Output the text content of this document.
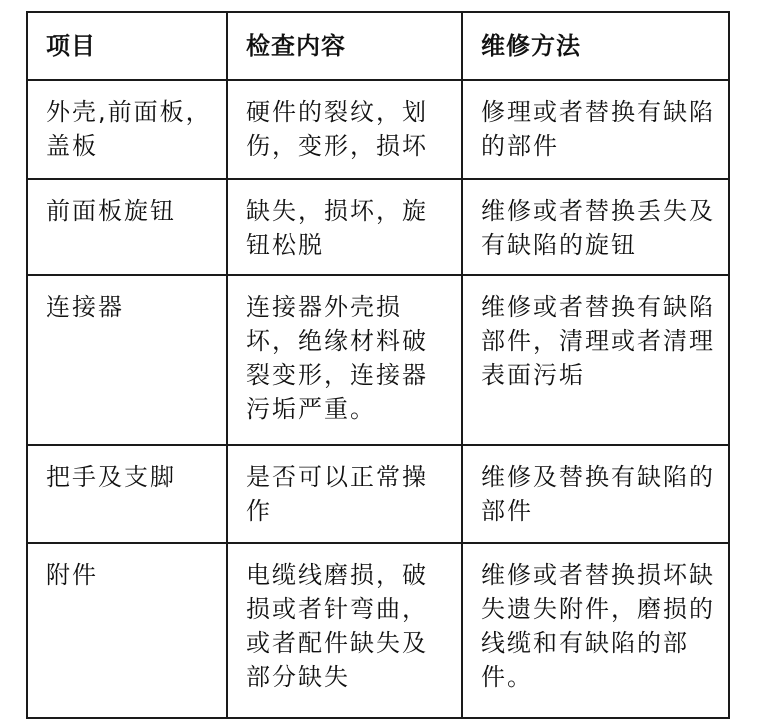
项目	检查内容	维修方法
外壳,前面板，盖板	硬件的裂纹，划伤，变形，损坏	修理或者替换有缺陷的部件
前面板旋钮	缺失，损坏，旋钮松脱	维修或者替换丢失及有缺陷的旋钮
连接器	连接器外壳损坏，绝缘材料破裂变形，连接器污垢严重。	维修或者替换有缺陷部件，清理或者清理表面污垢
把手及支脚	是否可以正常操作	维修及替换有缺陷的部件
附件	电缆线磨损，破损或者针弯曲，或者配件缺失及部分缺失	维修或者替换损坏缺失遗失附件，磨损的线缆和有缺陷的部件。
